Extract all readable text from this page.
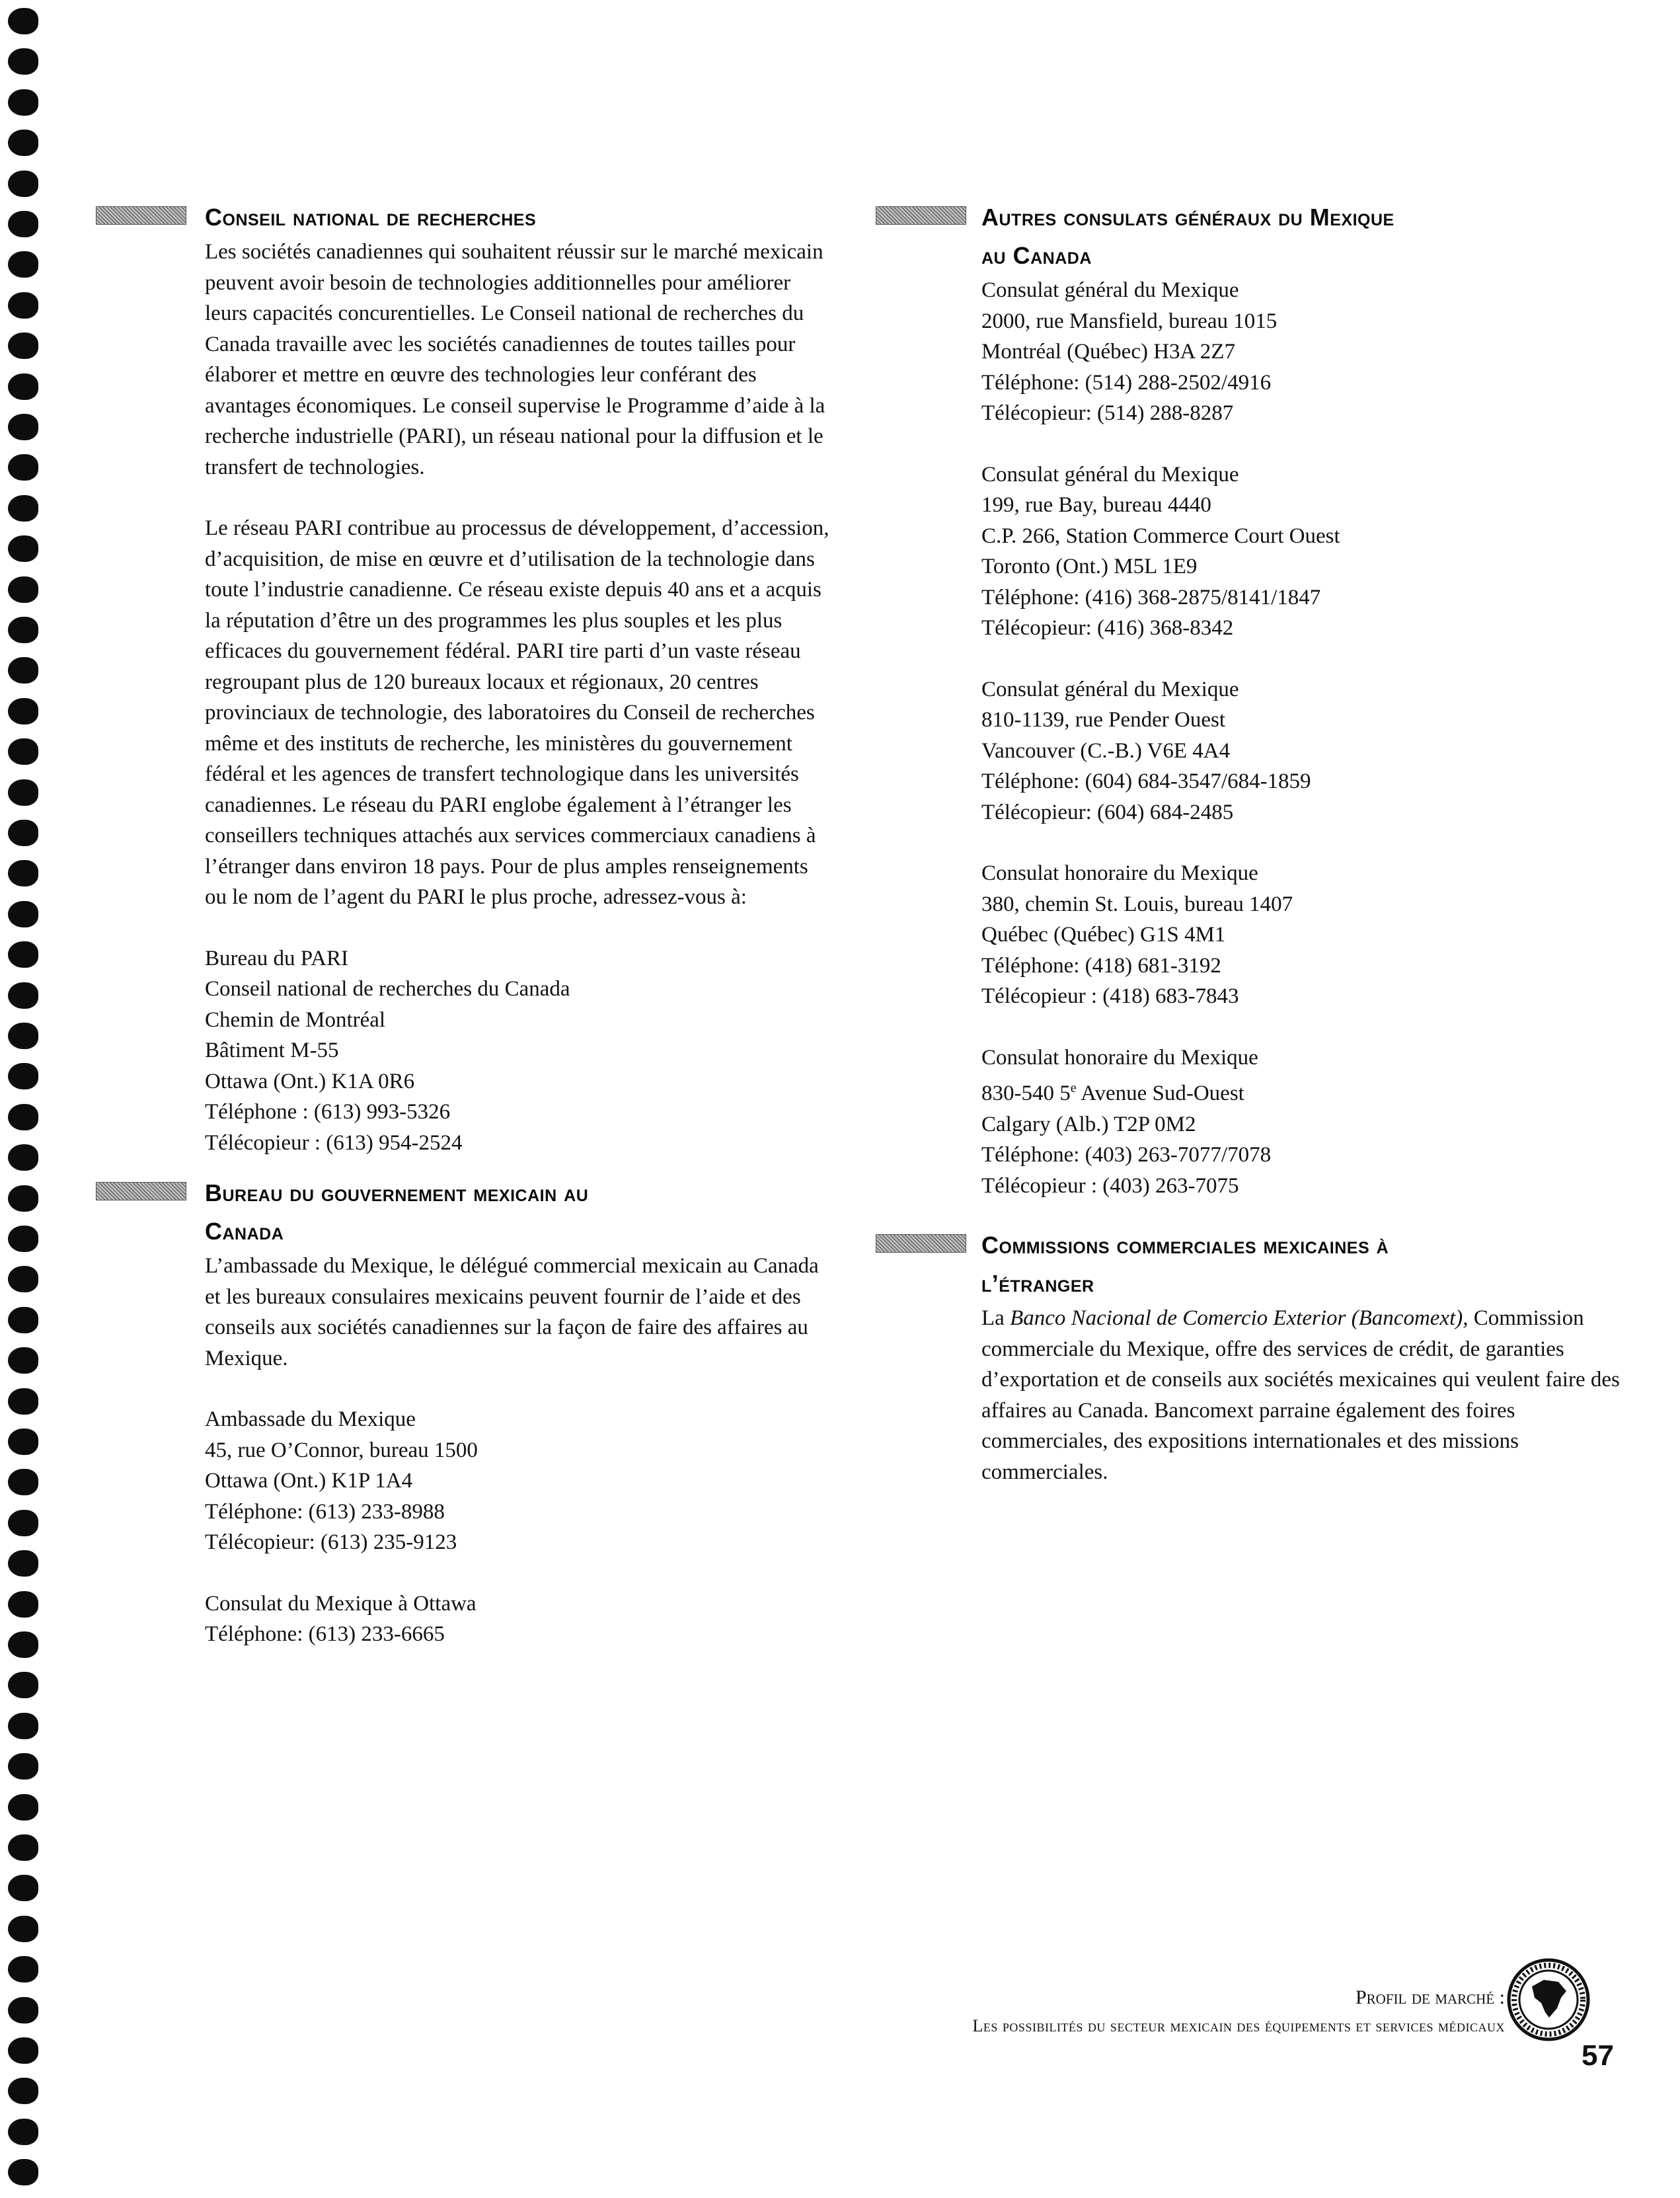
Conseil national de recherches

Les sociétés canadiennes qui souhaitent réussir sur le marché mexicain peuvent avoir besoin de technologies additionnelles pour améliorer leurs capacités concurentielles. Le Conseil national de recherches du Canada travaille avec les sociétés canadiennes de toutes tailles pour élaborer et mettre en œuvre des technologies leur conférant des avantages économiques. Le conseil supervise le Programme d’aide à la recherche industrielle (PARI), un réseau national pour la diffusion et le transfert de technologies.

Le réseau PARI contribue au processus de développement, d’accession, d’acquisition, de mise en œuvre et d’utilisation de la technologie dans toute l’industrie canadienne. Ce réseau existe depuis 40 ans et a acquis la réputation d’être un des programmes les plus souples et les plus efficaces du gouvernement fédéral. PARI tire parti d’un vaste réseau regroupant plus de 120 bureaux locaux et régionaux, 20 centres provinciaux de technologie, des laboratoires du Conseil de recherches même et des instituts de recherche, les ministères du gouvernement fédéral et les agences de transfert technologique dans les universités canadiennes. Le réseau du PARI englobe également à l’étranger les conseillers techniques attachés aux services commerciaux canadiens à l’étranger dans environ 18 pays. Pour de plus amples renseignements ou le nom de l’agent du PARI le plus proche, adressez-vous à:

Bureau du PARI

Conseil national de recherches du Canada

Chemin de Montréal

Bâtiment M-55

Ottawa (Ont.) K1A 0R6

Téléphone : (613) 993-5326

Télécopieur : (613) 954-2524

Bureau du gouvernement mexicain au
Canada

L’ambassade du Mexique, le délégué commercial mexicain au Canada et les bureaux consulaires mexicains peuvent fournir de l’aide et des conseils aux sociétés canadiennes sur la façon de faire des affaires au Mexique.

Ambassade du Mexique

45, rue O’Connor, bureau 1500

Ottawa (Ont.) K1P 1A4

Téléphone: (613) 233-8988

Télécopieur: (613) 235-9123

Consulat du Mexique à Ottawa

Téléphone: (613) 233-6665

Autres consulats généraux du Mexique
au Canada

Consulat général du Mexique

2000, rue Mansfield, bureau 1015

Montréal (Québec) H3A 2Z7

Téléphone: (514) 288-2502/4916

Télécopieur: (514) 288-8287

Consulat général du Mexique

199, rue Bay, bureau 4440

C.P. 266, Station Commerce Court Ouest

Toronto (Ont.) M5L 1E9

Téléphone: (416) 368-2875/8141/1847

Télécopieur: (416) 368-8342

Consulat général du Mexique

810-1139, rue Pender Ouest

Vancouver (C.-B.) V6E 4A4

Téléphone: (604) 684-3547/684-1859

Télécopieur: (604) 684-2485

Consulat honoraire du Mexique

380, chemin St. Louis, bureau 1407

Québec (Québec) G1S 4M1

Téléphone: (418) 681-3192

Télécopieur : (418) 683-7843

Consulat honoraire du Mexique

830-540 5e Avenue Sud-Ouest

Calgary (Alb.) T2P 0M2

Téléphone: (403) 263-7077/7078

Télécopieur : (403) 263-7075

Commissions commerciales mexicaines à
l’étranger

La Banco Nacional de Comercio Exterior (Bancomext), Commission commerciale du Mexique, offre des services de crédit, de garanties d’exportation et de conseils aux sociétés mexicaines qui veulent faire des affaires au Canada. Bancomext parraine également des foires commerciales, des expositions internationales et des missions commerciales.

Profil de marché :
Les possibilités du secteur mexicain des équipements et services médicaux
57
